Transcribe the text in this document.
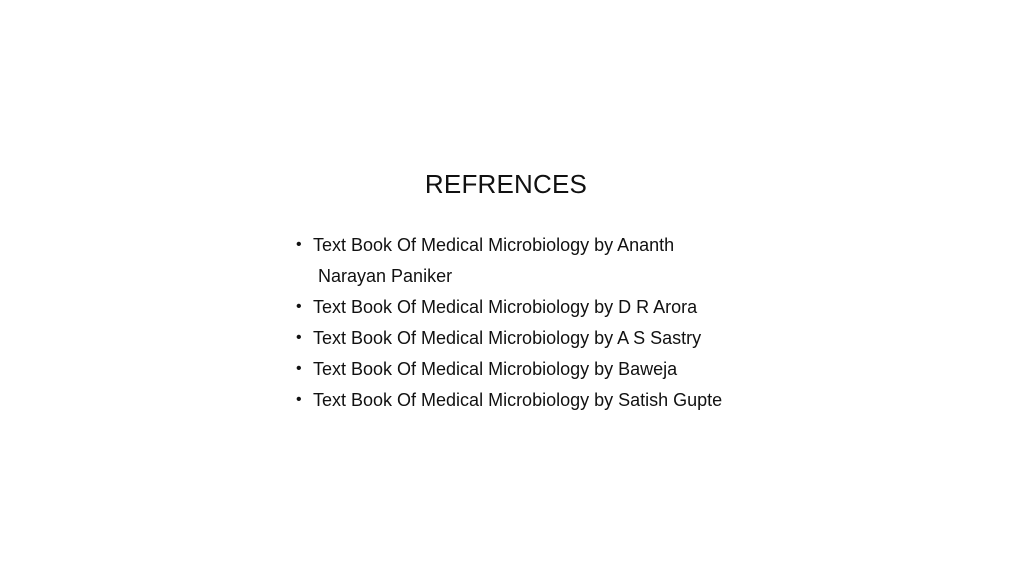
REFRENCES
• Text Book Of Medical Microbiology by Ananth
Narayan Paniker
• Text Book Of Medical Microbiology by D R Arora
• Text Book Of Medical Microbiology by A S Sastry
• Text Book Of Medical Microbiology by Baweja
• Text Book Of Medical Microbiology by Satish Gupte
